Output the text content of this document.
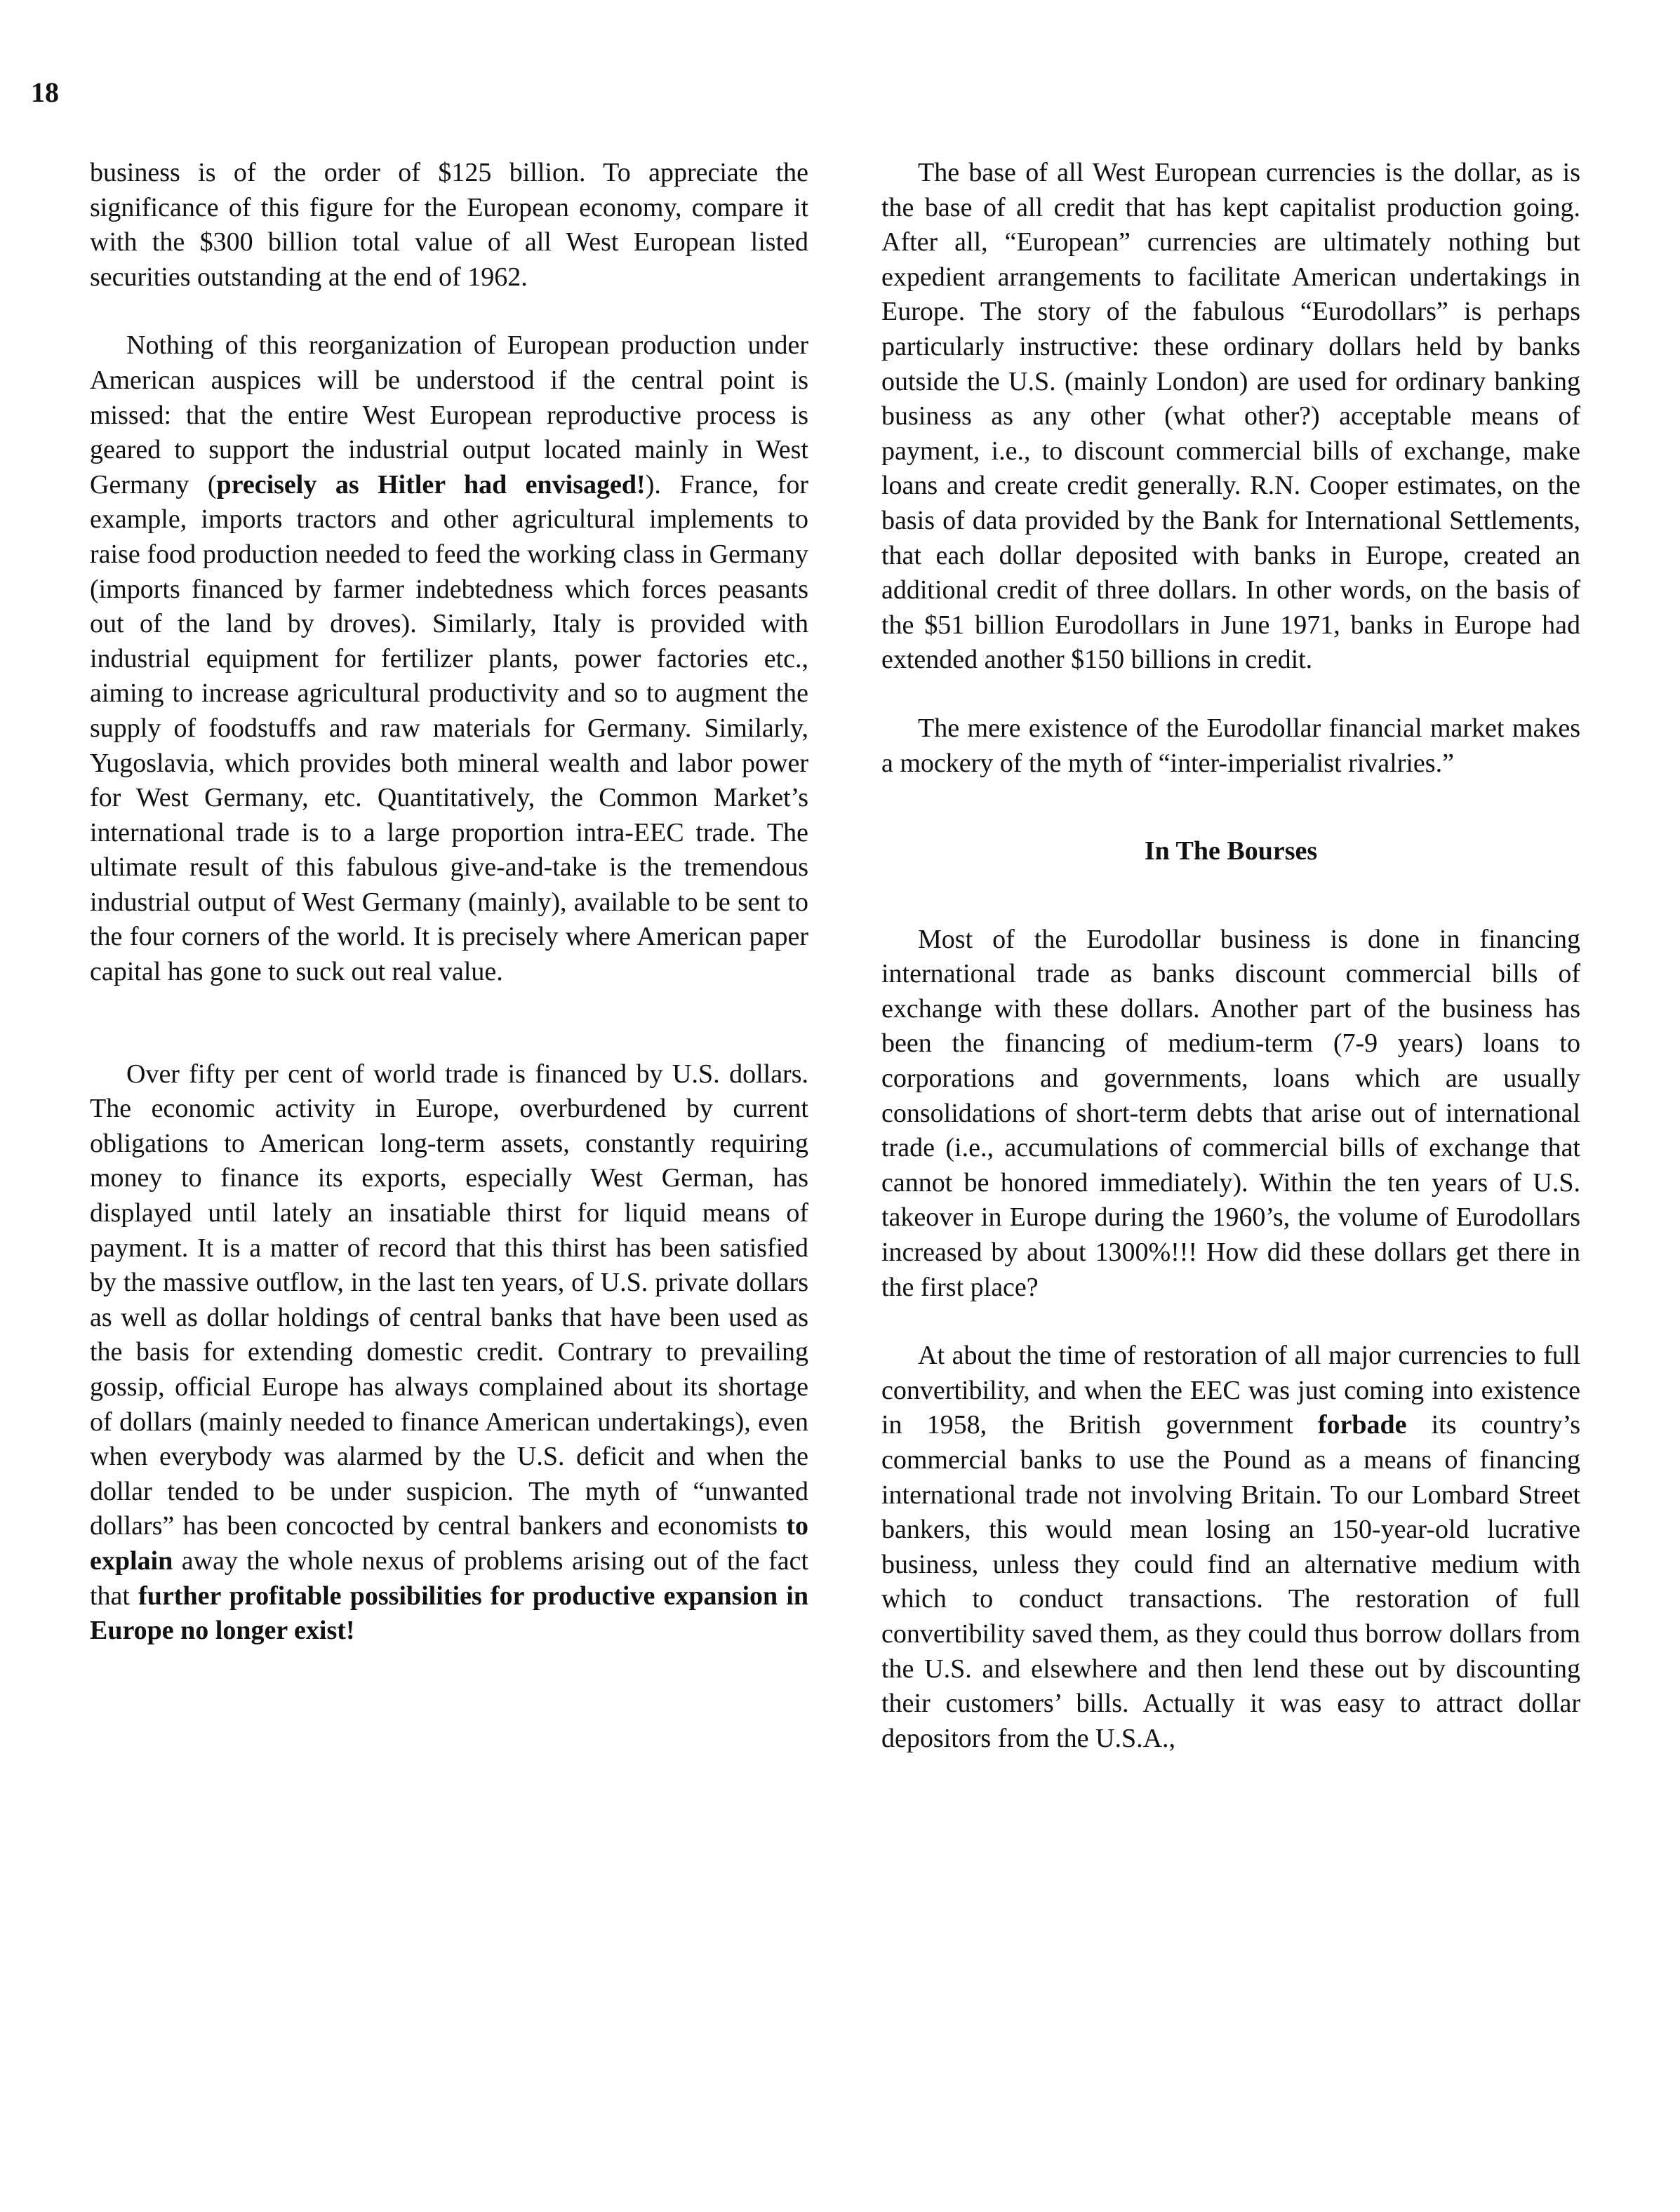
18

business is of the order of $125 billion. To appreciate the significance of this figure for the European economy, compare it with the $300 billion total value of all West European listed securities outstanding at the end of 1962.

Nothing of this reorganization of European production under American auspices will be understood if the central point is missed: that the entire West European reproductive process is geared to support the industrial output located mainly in West Germany (precisely as Hitler had envisaged!). France, for example, imports tractors and other agricultural implements to raise food production needed to feed the working class in Germany (imports financed by farmer indebtedness which forces peasants out of the land by droves). Similarly, Italy is provided with industrial equipment for fertilizer plants, power factories etc., aiming to increase agricultural productivity and so to augment the supply of foodstuffs and raw materials for Germany. Similarly, Yugoslavia, which provides both mineral wealth and labor power for West Germany, etc. Quantitatively, the Common Market’s international trade is to a large proportion intra-EEC trade. The ultimate result of this fabulous give-and-take is the tremendous industrial output of West Germany (mainly), available to be sent to the four corners of the world. It is precisely where American paper capital has gone to suck out real value.

Over fifty per cent of world trade is financed by U.S. dollars. The economic activity in Europe, overburdened by current obligations to American long-term assets, constantly requiring money to finance its exports, especially West German, has displayed until lately an insatiable thirst for liquid means of payment. It is a matter of record that this thirst has been satisfied by the massive outflow, in the last ten years, of U.S. private dollars as well as dollar holdings of central banks that have been used as the basis for extending domestic credit. Contrary to prevailing gossip, official Europe has always complained about its shortage of dollars (mainly needed to finance American undertakings), even when everybody was alarmed by the U.S. deficit and when the dollar tended to be under suspicion. The myth of “unwanted dollars” has been concocted by central bankers and economists to explain away the whole nexus of problems arising out of the fact that further profitable possibilities for productive expansion in Europe no longer exist!

The base of all West European currencies is the dollar, as is the base of all credit that has kept capitalist production going. After all, “European” currencies are ultimately nothing but expedient arrangements to facilitate American undertakings in Europe. The story of the fabulous “Eurodollars” is perhaps particularly instructive: these ordinary dollars held by banks outside the U.S. (mainly London) are used for ordinary banking business as any other (what other?) acceptable means of payment, i.e., to discount commercial bills of exchange, make loans and create credit generally. R.N. Cooper estimates, on the basis of data provided by the Bank for International Settlements, that each dollar deposited with banks in Europe, created an additional credit of three dollars. In other words, on the basis of the $51 billion Eurodollars in June 1971, banks in Europe had extended another $150 billions in credit.

The mere existence of the Eurodollar financial market makes a mockery of the myth of “inter-imperialist rivalries.”

In The Bourses

Most of the Eurodollar business is done in financing international trade as banks discount commercial bills of exchange with these dollars. Another part of the business has been the financing of medium-term (7-9 years) loans to corporations and governments, loans which are usually consolidations of short-term debts that arise out of international trade (i.e., accumulations of commercial bills of exchange that cannot be honored immediately). Within the ten years of U.S. takeover in Europe during the 1960’s, the volume of Eurodollars increased by about 1300%!!! How did these dollars get there in the first place?

At about the time of restoration of all major currencies to full convertibility, and when the EEC was just coming into existence in 1958, the British government forbade its country’s commercial banks to use the Pound as a means of financing international trade not involving Britain. To our Lombard Street bankers, this would mean losing an 150-year-old lucrative business, unless they could find an alternative medium with which to conduct transactions. The restoration of full convertibility saved them, as they could thus borrow dollars from the U.S. and elsewhere and then lend these out by discounting their customers’ bills. Actually it was easy to attract dollar depositors from the U.S.A.,
